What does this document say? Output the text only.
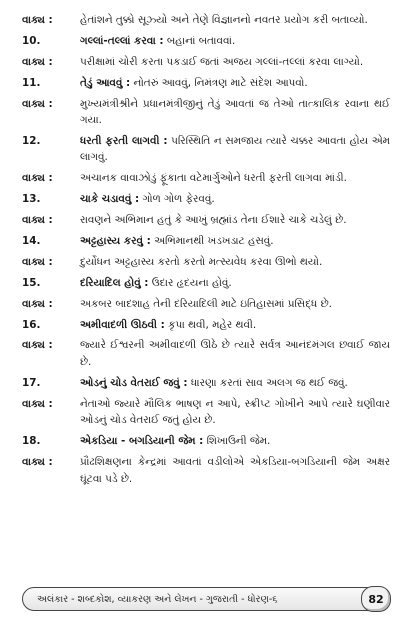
વાક્ય :	હેતાંશને તુક્કો સૂઝ્યો અને તેણે વિજ્ઞાનનો નવતર પ્રયોગ કરી બતાવ્યો.
10.	ગલ્લાં-તલ્લાં કરવા : બહાનાં બતાવવાં.
વાક્ય :	પરીક્ષામાં ચોરી કરતા પકડાઈ જતાં અજય ગલ્લાં-તલ્લાં કરવા લાગ્યો.
11.	તેડું આવવું : નોતરું આવવું, નિમંત્રણ માટે સંદેશ આપવો.
વાક્ય :	મુખ્યમંત્રીશ્રીને પ્રધાનમંત્રીજીનું તેડું આવતાં જ તેઓ તાત્કાલિક રવાના થઈ ગયા.
12.	ધરતી ફરતી લાગવી : પરિસ્થિતિ ન સમજાય ત્યારે ચક્કર આવતા હોય એમ લાગવું.
વાક્ય :	અચાનક વાવાઝોડું ફૂંકાતા વટેમાર્ગુઓને ધરતી ફરતી લાગવા માંડી.
13.	ચાકે ચડાવવું : ગોળ ગોળ ફેરવવું.
વાક્ય :	રાવણને અભિમાન હતું કે આખું બ્રહ્માંડ તેના ઈશારે ચાકે ચડેલું છે.
14.	અટ્ટહાસ્ય કરવું : અભિમાનથી ખડખડાટ હસવું.
વાક્ય :	દુર્યોધન અટ્ટહાસ્ય કરતો કરતો મત્સ્યવેધ કરવા ઊભો થયો.
15.	દરિયાદિલ હોવું : ઉદાર હૃદયના હોવું.
વાક્ય :	અકબર બાદશાહ તેની દરિયાદિલી માટે ઇતિહાસમાં પ્રસિદ્ધ છે.
16.	અમીવાદળી ઊઠવી : કૃપા થવી, મહેર થવી.
વાક્ય :	જ્યારે ઈશ્વરની અમીવાદળી ઊઠે છે ત્યારે સર્વત્ર આનંદમંગલ છવાઈ જાય છે.
17.	ઓડનું ચોડ વેતરાઈ જવું : ધારણા કરતાં સાવ અલગ જ થઈ જવું.
વાક્ય :	નેતાઓ જ્યારે મૌલિક ભાષણ ન આપે, સ્ક્રીપ્ટ ગોખીને આપે ત્યારે ઘણીવાર ઓડનું ચોડ વેતરાઈ જતું હોય છે.
18.	એકડિયા - બગડિયાની જેમ : શિખાઉની જેમ.
વાક્ય :	પ્રૌઢશિક્ષણના કેન્દ્રમાં આવતાં વડીલોએ એકડિયા-બગડિયાની જેમ અક્ષર ઘૂંટવા પડે છે.
અલંકાર - શબ્દકોશ, વ્યાકરણ અને લેખન - ગુજરાતી - ધોરણ-૬	82
